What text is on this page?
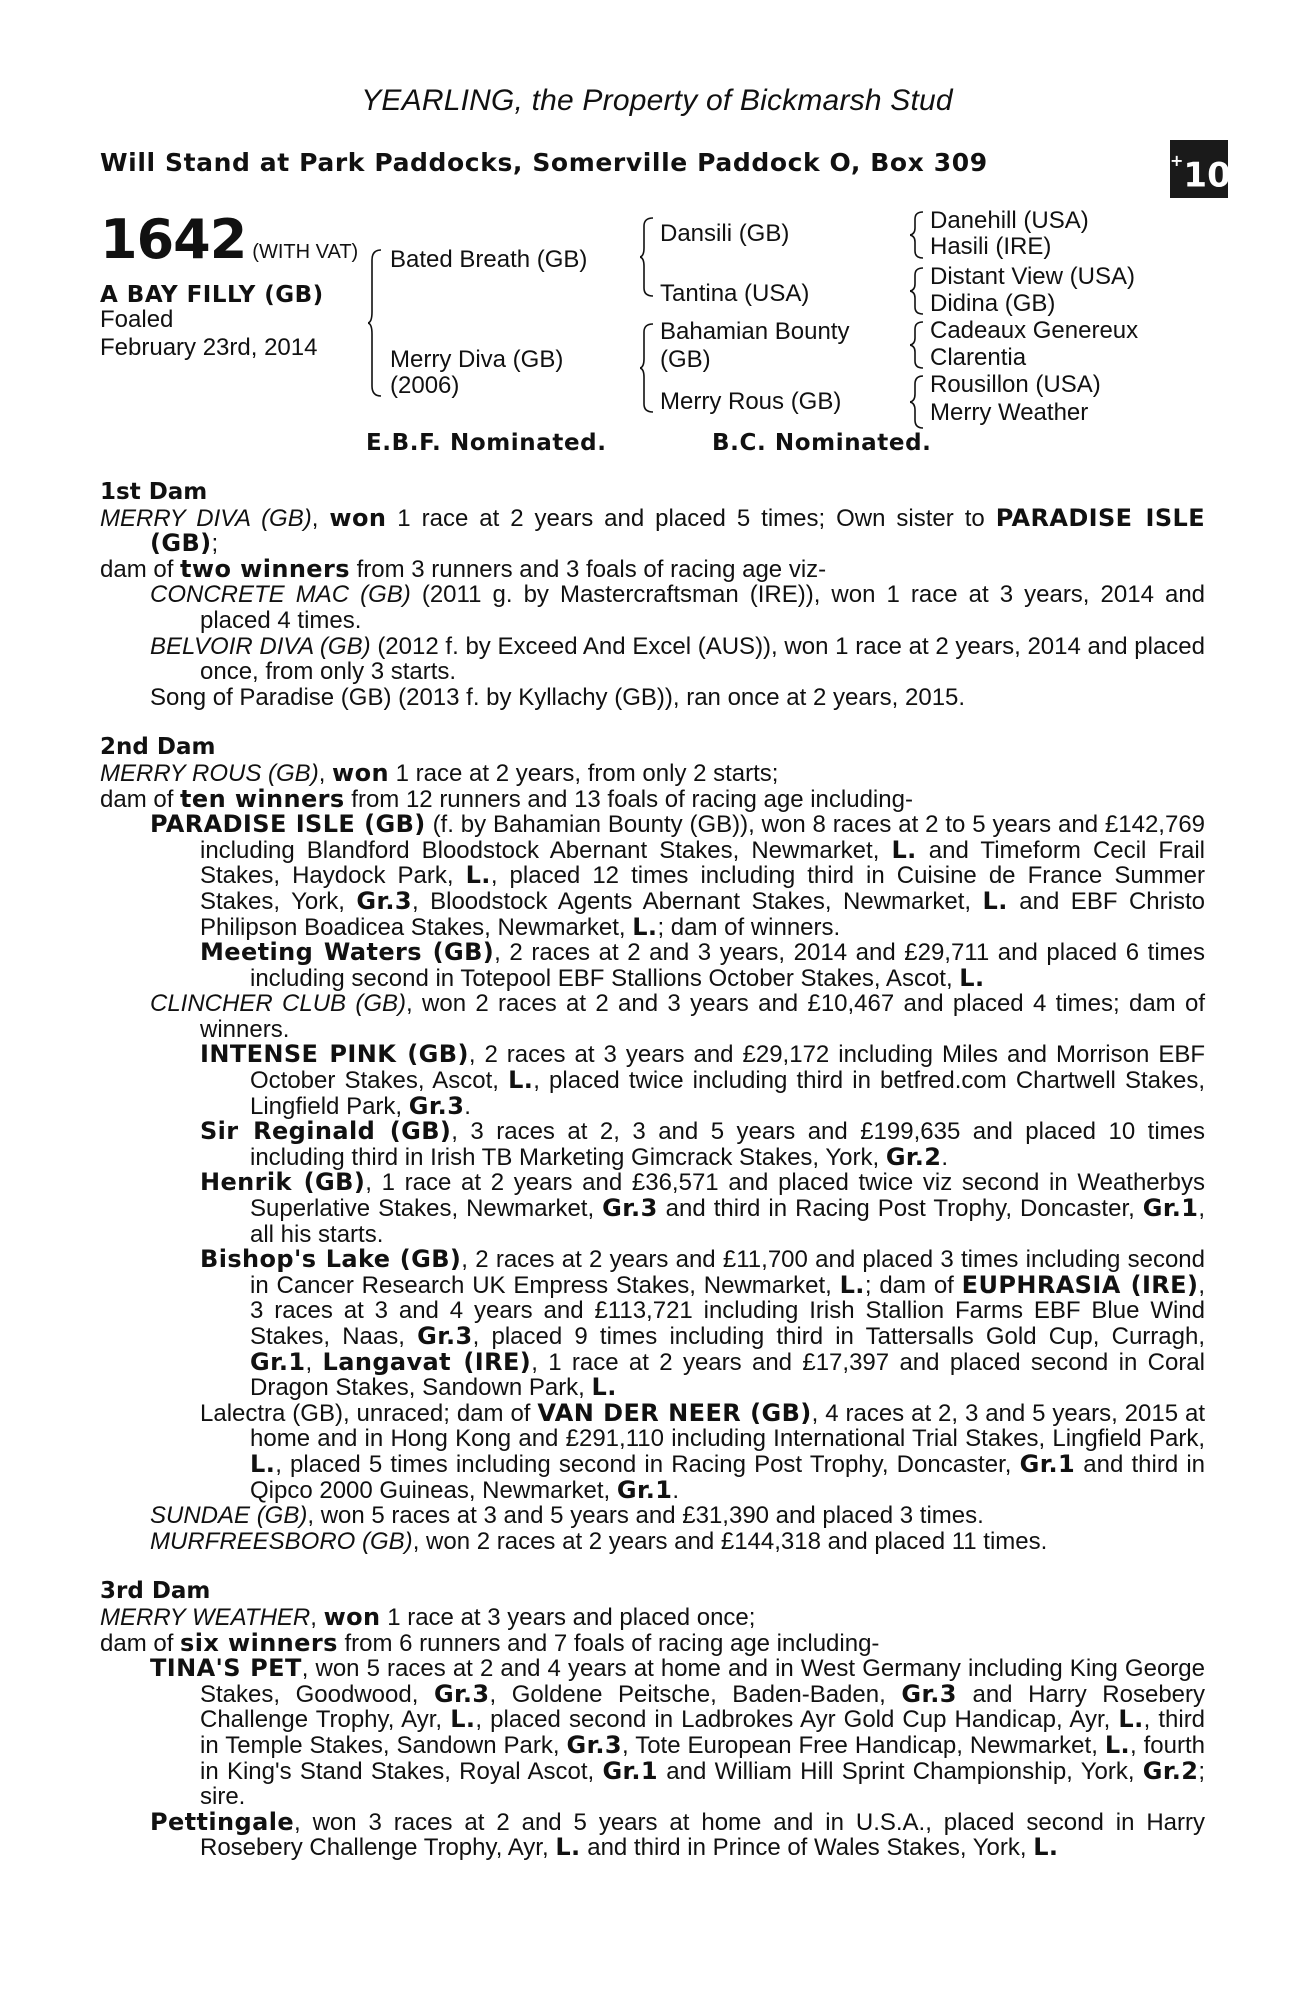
YEARLING, the Property of Bickmarsh Stud
Will Stand at Park Paddocks, Somerville Paddock O, Box 309	+10
1642 (WITH VAT)
A BAY FILLY (GB)
Foaled
February 23rd, 2014
Bated Breath (GB)
Merry Diva (GB)
(2006)
Dansili (GB)
Tantina (USA)
Bahamian Bounty
(GB)
Merry Rous (GB)
Danehill (USA)
Hasili (IRE)
Distant View (USA)
Didina (GB)
Cadeaux Genereux
Clarentia
Rousillon (USA)
Merry Weather
E.B.F. Nominated.	B.C. Nominated.
1st Dam

MERRY DIVA (GB), won 1 race at 2 years and placed 5 times; Own sister to PARADISE ISLE (GB);

dam of two winners from 3 runners and 3 foals of racing age viz-

CONCRETE MAC (GB) (2011 g. by Mastercraftsman (IRE)), won 1 race at 3 years, 2014 and placed 4 times.

BELVOIR DIVA (GB) (2012 f. by Exceed And Excel (AUS)), won 1 race at 2 years, 2014 and placed once, from only 3 starts.

Song of Paradise (GB) (2013 f. by Kyllachy (GB)), ran once at 2 years, 2015.

2nd Dam

MERRY ROUS (GB), won 1 race at 2 years, from only 2 starts;

dam of ten winners from 12 runners and 13 foals of racing age including-

PARADISE ISLE (GB) (f. by Bahamian Bounty (GB)), won 8 races at 2 to 5 years and £142,769 including Blandford Bloodstock Abernant Stakes, Newmarket, L. and Timeform Cecil Frail Stakes, Haydock Park, L., placed 12 times including third in Cuisine de France Summer Stakes, York, Gr.3, Bloodstock Agents Abernant Stakes, Newmarket, L. and EBF Christo Philipson Boadicea Stakes, Newmarket, L.; dam of winners.

Meeting Waters (GB), 2 races at 2 and 3 years, 2014 and £29,711 and placed 6 times including second in Totepool EBF Stallions October Stakes, Ascot, L.

CLINCHER CLUB (GB), won 2 races at 2 and 3 years and £10,467 and placed 4 times; dam of winners.

INTENSE PINK (GB), 2 races at 3 years and £29,172 including Miles and Morrison EBF October Stakes, Ascot, L., placed twice including third in betfred.com Chartwell Stakes, Lingfield Park, Gr.3.

Sir Reginald (GB), 3 races at 2, 3 and 5 years and £199,635 and placed 10 times including third in Irish TB Marketing Gimcrack Stakes, York, Gr.2.

Henrik (GB), 1 race at 2 years and £36,571 and placed twice viz second in Weatherbys Superlative Stakes, Newmarket, Gr.3 and third in Racing Post Trophy, Doncaster, Gr.1, all his starts.

Bishop's Lake (GB), 2 races at 2 years and £11,700 and placed 3 times including second in Cancer Research UK Empress Stakes, Newmarket, L.; dam of EUPHRASIA (IRE), 3 races at 3 and 4 years and £113,721 including Irish Stallion Farms EBF Blue Wind Stakes, Naas, Gr.3, placed 9 times including third in Tattersalls Gold Cup, Curragh, Gr.1, Langavat (IRE), 1 race at 2 years and £17,397 and placed second in Coral Dragon Stakes, Sandown Park, L.

Lalectra (GB), unraced; dam of VAN DER NEER (GB), 4 races at 2, 3 and 5 years, 2015 at home and in Hong Kong and £291,110 including International Trial Stakes, Lingfield Park, L., placed 5 times including second in Racing Post Trophy, Doncaster, Gr.1 and third in Qipco 2000 Guineas, Newmarket, Gr.1.

SUNDAE (GB), won 5 races at 3 and 5 years and £31,390 and placed 3 times.

MURFREESBORO (GB), won 2 races at 2 years and £144,318 and placed 11 times.

3rd Dam

MERRY WEATHER, won 1 race at 3 years and placed once;

dam of six winners from 6 runners and 7 foals of racing age including-

TINA'S PET, won 5 races at 2 and 4 years at home and in West Germany including King George Stakes, Goodwood, Gr.3, Goldene Peitsche, Baden-Baden, Gr.3 and Harry Rosebery Challenge Trophy, Ayr, L., placed second in Ladbrokes Ayr Gold Cup Handicap, Ayr, L., third in Temple Stakes, Sandown Park, Gr.3, Tote European Free Handicap, Newmarket, L., fourth in King's Stand Stakes, Royal Ascot, Gr.1 and William Hill Sprint Championship, York, Gr.2; sire.

Pettingale, won 3 races at 2 and 5 years at home and in U.S.A., placed second in Harry Rosebery Challenge Trophy, Ayr, L. and third in Prince of Wales Stakes, York, L.
